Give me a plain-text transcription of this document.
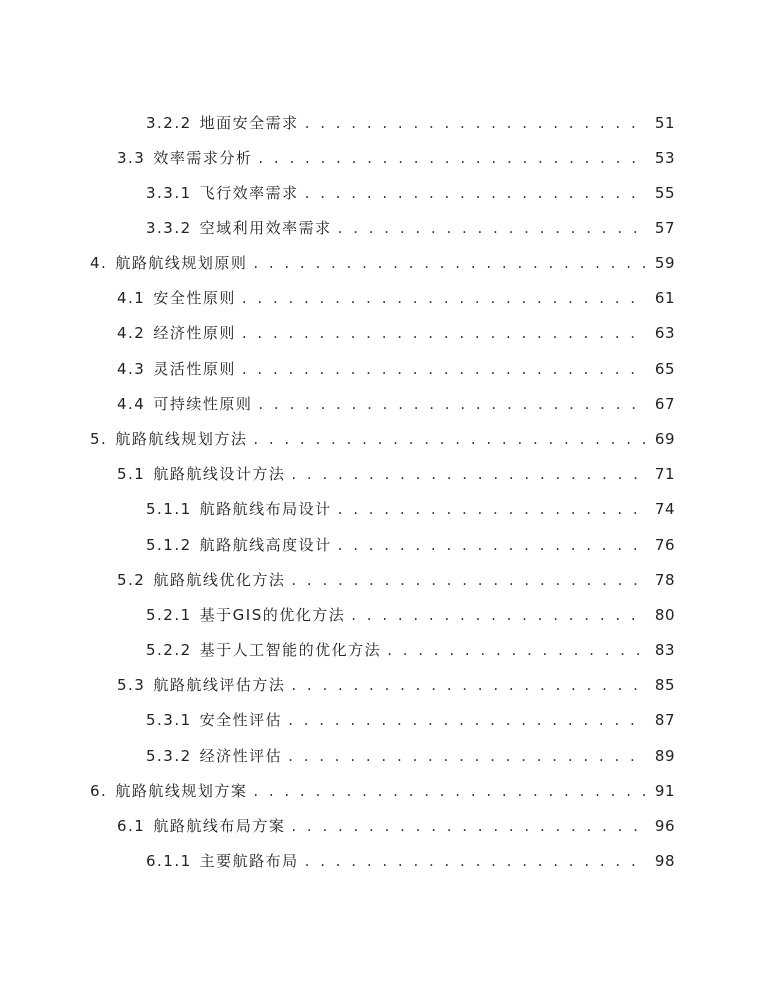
3.2.2 地面安全需求 . . .	51
3.3 效率需求分析 . . .	53
3.3.1 飞行效率需求 . . .	55
3.3.2 空域利用效率需求 . . .	57
4. 航路航线规划原则 . . .	59
4.1 安全性原则 . . .	61
4.2 经济性原则 . . .	63
4.3 灵活性原则 . . .	65
4.4 可持续性原则 . . .	67
5. 航路航线规划方法 . . .	69
5.1 航路航线设计方法 . . .	71
5.1.1 航路航线布局设计 . . .	74
5.1.2 航路航线高度设计 . . .	76
5.2 航路航线优化方法 . . .	78
5.2.1 基于GIS的优化方法 . . .	80
5.2.2 基于人工智能的优化方法 . . .	83
5.3 航路航线评估方法 . . .	85
5.3.1 安全性评估 . . .	87
5.3.2 经济性评估 . . .	89
6. 航路航线规划方案 . . .	91
6.1 航路航线布局方案 . . .	96
6.1.1 主要航路布局 . . .	98
